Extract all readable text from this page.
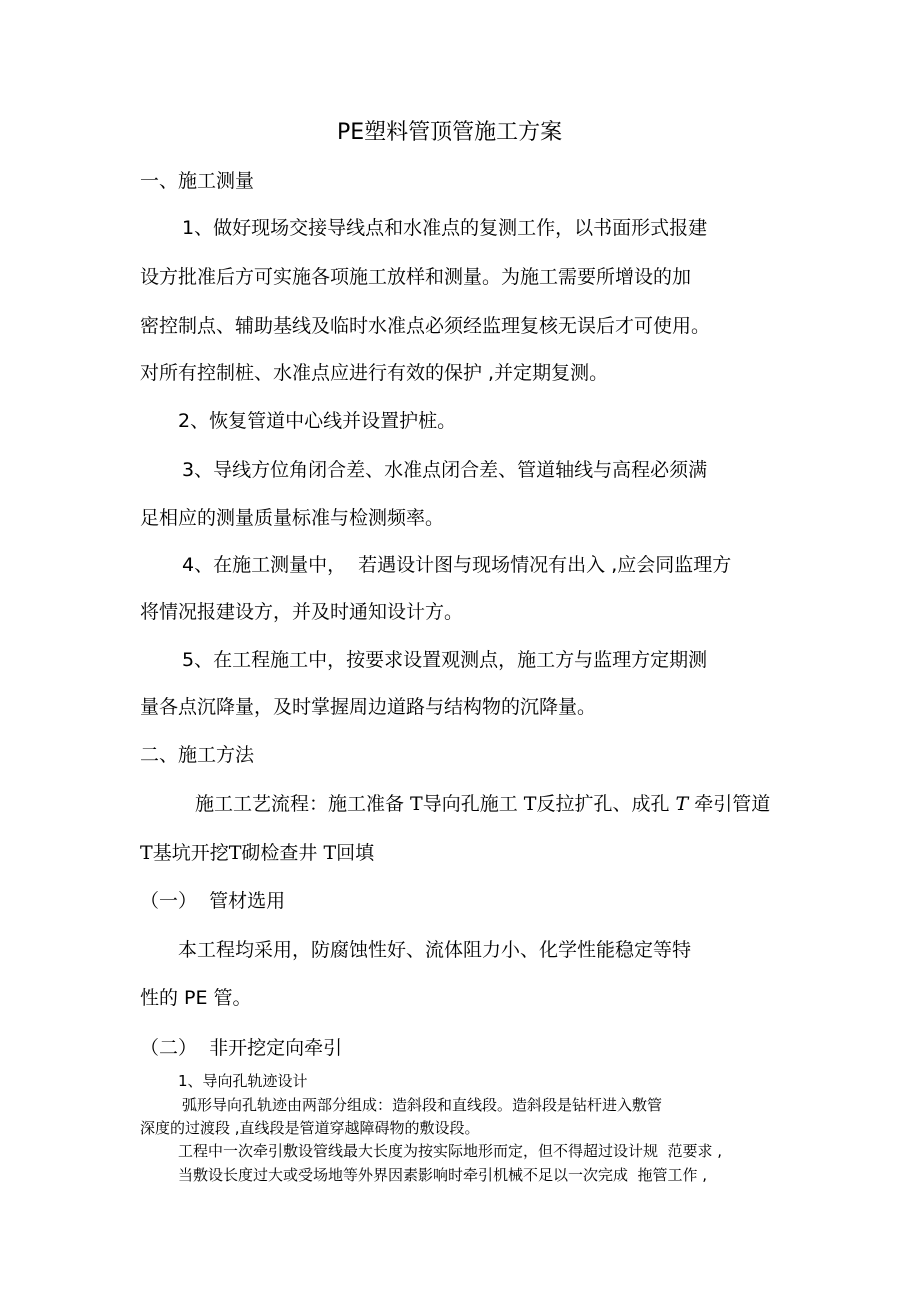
PE塑料管顶管施工方案
一、施工测量
1、做好现场交接导线点和水准点的复测工作，以书面形式报建
设方批准后方可实施各项施工放样和测量。为施工需要所增设的加
密控制点、辅助基线及临时水准点必须经监理复核无误后才可使用。
对所有控制桩、水准点应进行有效的保护 ,并定期复测。
2、恢复管道中心线并设置护桩。
3、导线方位角闭合差、水准点闭合差、管道轴线与高程必须满
足相应的测量质量标准与检测频率。
4、在施工测量中，  若遇设计图与现场情况有出入 ,应会同监理方
将情况报建设方，并及时通知设计方。
5、在工程施工中，按要求设置观测点，施工方与监理方定期测
量各点沉降量，及时掌握周边道路与结构物的沉降量。
二、施工方法
施工工艺流程：施工准备 T导向孔施工 T反拉扩孔、成孔 T 牵引管道
T基坑开挖T砌检查井 T回填
（一） 管材选用
本工程均采用，防腐蚀性好、流体阻力小、化学性能稳定等特
性的 PE 管。
（二） 非开挖定向牵引
1、导向孔轨迹设计
弧形导向孔轨迹由两部分组成：造斜段和直线段。造斜段是钻杆进入敷管
深度的过渡段 ,直线段是管道穿越障碍物的敷设段。
工程中一次牵引敷设管线最大长度为按实际地形而定，但不得超过设计规  范要求 ,
当敷设长度过大或受场地等外界因素影响时牵引机械不足以一次完成  拖管工作 ,
